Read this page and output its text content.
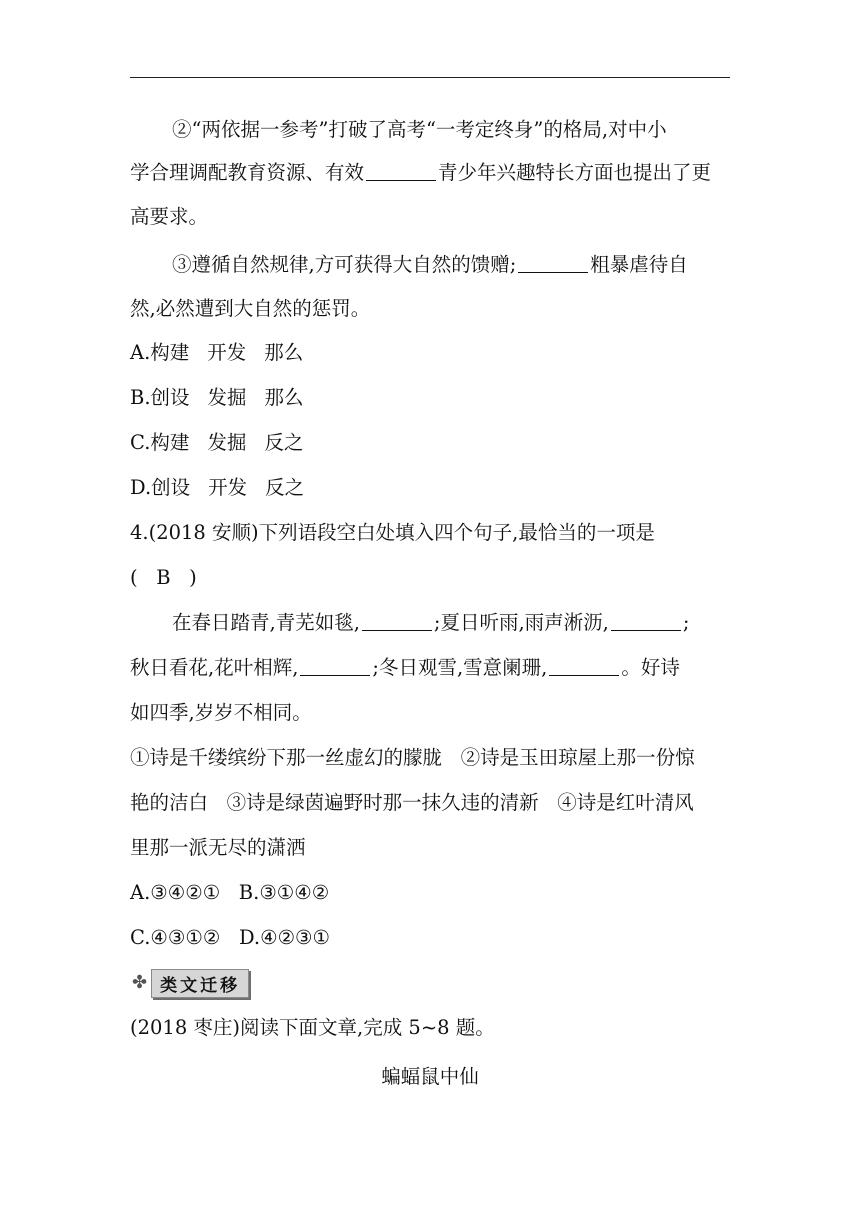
②“两依据一参考”打破了高考“一考定终身”的格局,对中小
学合理调配教育资源、有效	青少年兴趣特长方面也提出了更
高要求。
③遵循自然规律,方可获得大自然的馈赠;	粗暴虐待自
然,必然遭到大自然的惩罚。
A.构建 开发 那么
B.创设 发掘 那么
C.构建 发掘 反之
D.创设 开发 反之
4.(2018 安顺)下列语段空白处填入四个句子,最恰当的一项是
(   B   )
在春日踏青,青芜如毯,	;夏日听雨,雨声淅沥,	;
秋日看花,花叶相辉,	;冬日观雪,雪意阑珊,	。好诗
如四季,岁岁不相同。
①诗是千缕缤纷下那一丝虚幻的朦胧   ②诗是玉田琼屋上那一份惊
艳的洁白   ③诗是绿茵遍野时那一抹久违的清新   ④诗是红叶清风
里那一派无尽的潇洒
A.③④②①   B.③①④②
C.④③①②   D.④②③①
✤ 类文迁移
(2018 枣庄)阅读下面文章,完成 5~8 题。
蝙蝠鼠中仙
